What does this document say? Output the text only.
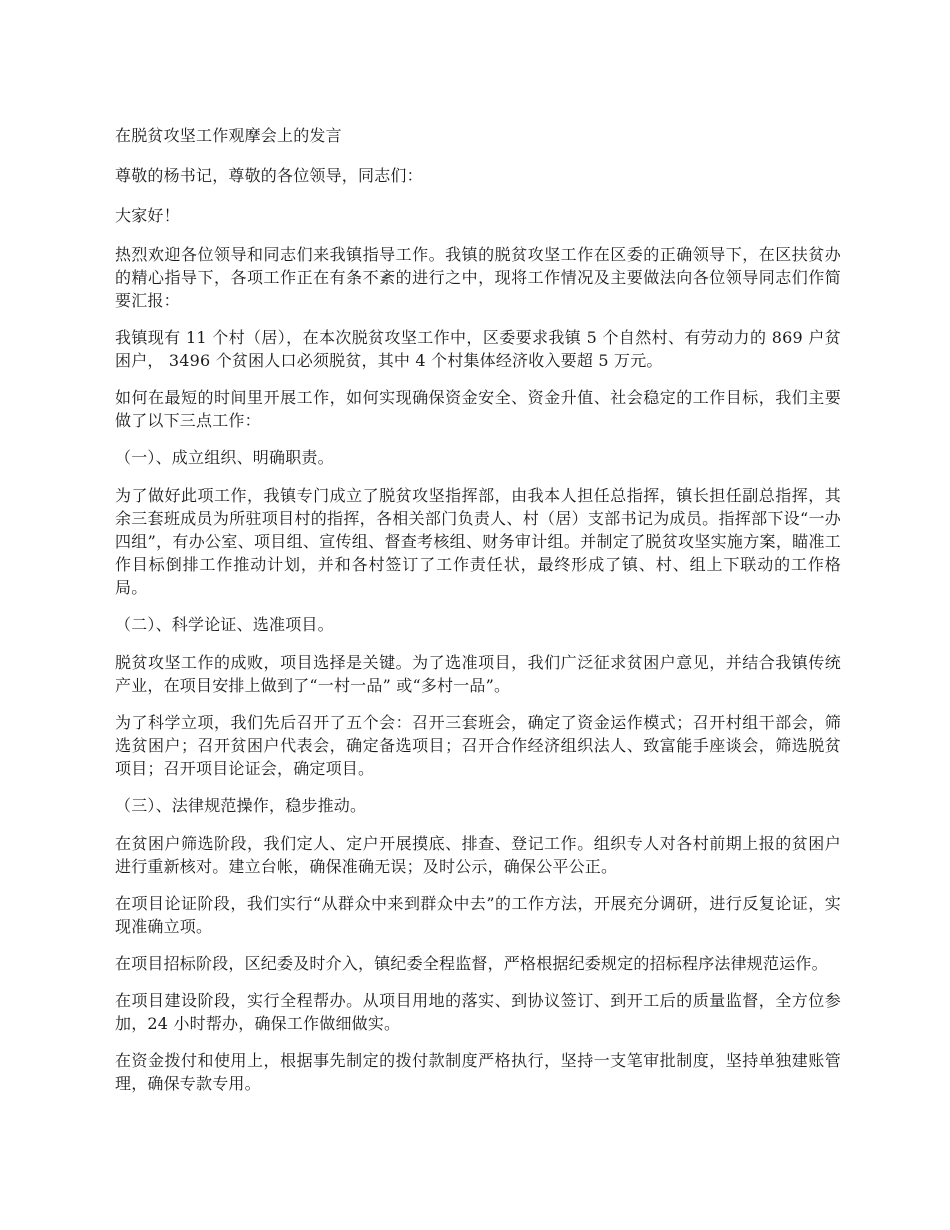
在脱贫攻坚工作观摩会上的发言

尊敬的杨书记，尊敬的各位领导，同志们：

大家好！

热烈欢迎各位领导和同志们来我镇指导工作。我镇的脱贫攻坚工作在区委的正确领导下，在区扶贫办的精心指导下，各项工作正在有条不紊的进行之中，现将工作情况及主要做法向各位领导同志们作简要汇报：

我镇现有 11 个村（居），在本次脱贫攻坚工作中，区委要求我镇 5 个自然村、有劳动力的 869 户贫困户， 3496 个贫困人口必须脱贫，其中 4 个村集体经济收入要超 5 万元。

如何在最短的时间里开展工作，如何实现确保资金安全、资金升值、社会稳定的工作目标，我们主要做了以下三点工作：

（一）、成立组织、明确职责。

为了做好此项工作，我镇专门成立了脱贫攻坚指挥部，由我本人担任总指挥，镇长担任副总指挥，其余三套班成员为所驻项目村的指挥，各相关部门负责人、村（居）支部书记为成员。指挥部下设“一办四组”，有办公室、项目组、宣传组、督查考核组、财务审计组。并制定了脱贫攻坚实施方案，瞄准工作目标倒排工作推动计划，并和各村签订了工作责任状，最终形成了镇、村、组上下联动的工作格局。

（二）、科学论证、选准项目。

脱贫攻坚工作的成败，项目选择是关键。为了选准项目，我们广泛征求贫困户意见，并结合我镇传统产业，在项目安排上做到了“一村一品” 或“多村一品”。

为了科学立项，我们先后召开了五个会：召开三套班会，确定了资金运作模式；召开村组干部会，筛选贫困户；召开贫困户代表会，确定备选项目；召开合作经济组织法人、致富能手座谈会，筛选脱贫项目；召开项目论证会，确定项目。

（三）、法律规范操作，稳步推动。

在贫困户筛选阶段，我们定人、定户开展摸底、排查、登记工作。组织专人对各村前期上报的贫困户进行重新核对。建立台帐，确保准确无误；及时公示，确保公平公正。

在项目论证阶段，我们实行“从群众中来到群众中去”的工作方法，开展充分调研，进行反复论证，实现准确立项。

在项目招标阶段，区纪委及时介入，镇纪委全程监督，严格根据纪委规定的招标程序法律规范运作。

在项目建设阶段，实行全程帮办。从项目用地的落实、到协议签订、到开工后的质量监督，全方位参加，24 小时帮办，确保工作做细做实。

在资金拨付和使用上，根据事先制定的拨付款制度严格执行，坚持一支笔审批制度，坚持单独建账管理，确保专款专用。
